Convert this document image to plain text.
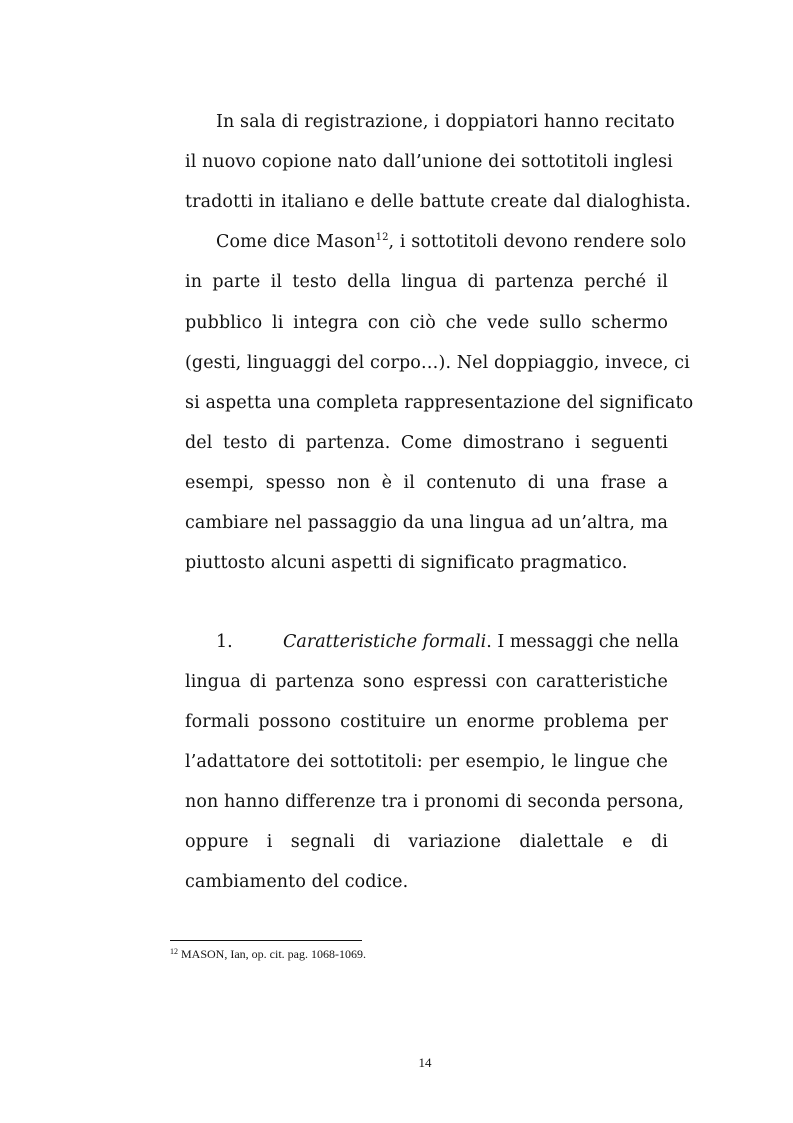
In sala di registrazione, i doppiatori hanno recitato
il nuovo copione nato dall’unione dei sottotitoli inglesi
tradotti in italiano e delle battute create dal dialoghista.
Come dice Mason$^{12}$, i sottotitoli devono rendere solo
in parte il testo della lingua di partenza perché il
pubblico li integra con ciò che vede sullo schermo
(gesti, linguaggi del corpo…). Nel doppiaggio, invece, ci
si aspetta una completa rappresentazione del significato
del testo di partenza. Come dimostrano i seguenti
esempi, spesso non è il contenuto di una frase a
cambiare nel passaggio da una lingua ad un’altra, ma
piuttosto alcuni aspetti di significato pragmatico.
1.	Caratteristiche formali. I messaggi che nella
lingua di partenza sono espressi con caratteristiche
formali possono costituire un enorme problema per
l’adattatore dei sottotitoli: per esempio, le lingue che
non hanno differenze tra i pronomi di seconda persona,
oppure i segnali di variazione dialettale e di
cambiamento del codice.
$^{12}$ MASON, Ian, op. cit. pag. 1068-1069.
14
